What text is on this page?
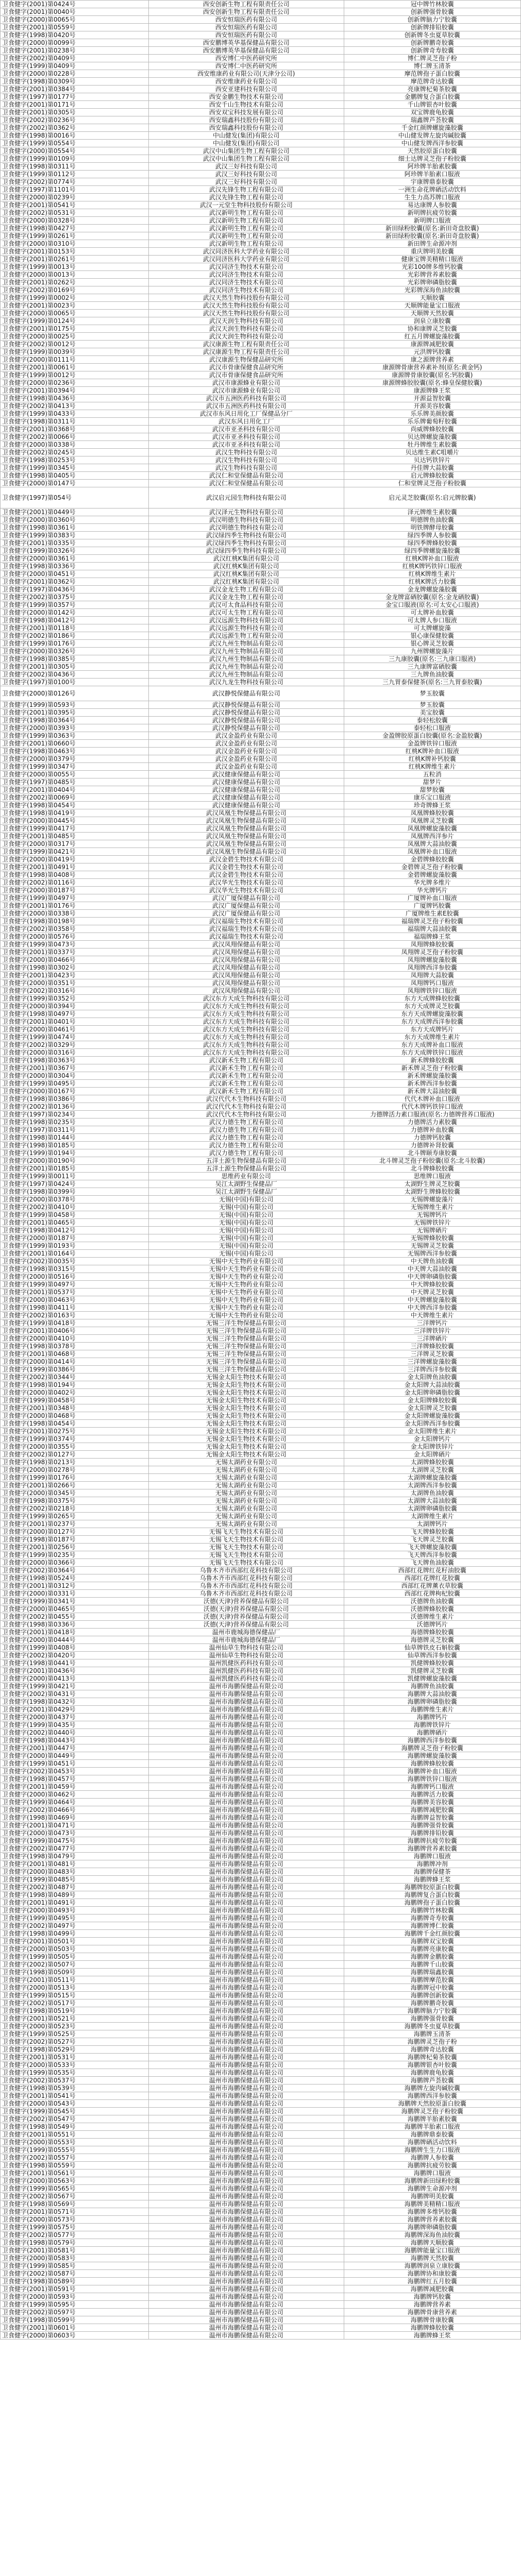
卫食健字(2001)第0424号	西安创新生物工程有限责任公司	冠中牌竹林胶囊
卫食健字(2001)第0040号	西安创新生物工程有限责任公司	创新牌强骨胶囊
卫食健字(2000)第0065号	西安恒瑞医药有限公司	创新牌脑力宁胶囊
卫食健字(2001)第0559号	西安恒瑞医药有限公司	创新牌排铅胶囊
卫食健字(1998)第0420号	西安恒瑞医药有限公司	创新牌冬虫夏草胶囊
卫食健字(2000)第0099号	西安鹏博英华基保健品有限公司	创新牌鹏奇胶囊
卫食健字(2001)第0238号	西安鹏博英华基保健品有限公司	创新牌奇寿胶囊
卫食健字(2002)第0409号	西安博仁中医药研究所	博仁牌灵芝孢子粉
卫食健字(1999)第0409号	西安博仁中医药研究所	博仁牌玉清茶
卫食健字(2000)第0228号	西安维康药业有限公司(天津分公司)	摩范牌孢子蛋白胶囊
卫食健字(1998)第0309号	西安维康药业有限公司	摩范牌奇达胶囊
卫食健字(2001)第0384号	西安亚建科技有限公司	亮康牌杞菊茶胶囊
卫食健字(1997)第0177号	西安金鹏生物技术有限公司	金鹏牌复合蛋白胶囊
卫食健字(2001)第0171号	西安千山生物技术有限公司	千山牌银杏叶胶囊
卫食健字(2001)第0305号	西安双宝科技发展有限公司	双宝牌鹿龟胶囊
卫食健字(2002)第0236号	西安瑞鑫科技股份有限公司	瑞鑫牌芦荟胶囊
卫食健字(2002)第0362号	西安瑞鑫科技股份有限公司	千金红颜牌螺旋藻胶囊
卫食健字(1998)第0016号	中山健发(集团)有限公司	中山健发牌左旋肉碱胶囊
卫食健字(1999)第0554号	中山健发(集团)有限公司	中山健发牌西洋参胶囊
卫食健字(2000)第0554号	武汉中山集团生物工程有限公司	天然胶原蛋白胶囊
卫食健字(1999)第0109号	武汉中山集团生物工程有限公司	细士达牌灵芝孢子粉胶囊
卫食健字(1998)第0311号	武汉三好科技有限公司	阿珍牌羊胎素胶囊
卫食健字(1999)第0112号	武汉三好科技有限公司	阿珍牌羊胎素口服液
卫食健字(2002)第0774号	武汉三好科技有限公司	宇康牌鼎泰胶囊
卫食健字(1997)第1101号	武汉先锋生物工程有限公司	一洲生命花牌硒活动饮料
卫食健字(2000)第0239号	武汉先锋生物工程有限公司	生生力高苏牌口服液
卫食健字(2001)第0541号	武汉一元堂生物科技股份有限公司	易达康牌人参胶囊
卫食健字(2002)第0531号	武汉新明生物工程有限公司	新明牌抗疲劳胶囊
卫食健字(2000)第0328号	武汉新明生物工程有限公司	新明牌口服液
卫食健字(1998)第0427号	武汉新明生物工程有限公司	新田绿粉胶囊(原名:新田奇盘胶囊)
卫食健字(1999)第0261号	武汉新明生物工程有限公司	新田绿粉胶囊(原名:新田奇盘胶囊)
卫食健字(2000)第0310号	武汉新明生物工程有限公司	新田牌生命源冲剂
卫食健字(2001)第0153号	武汉同济医科大学药业有限公司	重庆牌明美胶囊
卫食健字(2001)第0261号	武汉同济医科大学药业有限公司	健康宝牌美精精口服液
卫食健字(1999)第0013号	武汉同济生物技术有限公司	光彩100牌多维钙胶囊
卫食健字(2000)第0013号	武汉同济生物技术有限公司	光彩牌营养素胶囊
卫食健字(2001)第0262号	武汉同济生物技术有限公司	光彩牌卵磷脂胶囊
卫食健字(2002)第0169号	武汉同济生物技术有限公司	光彩牌深海鱼油胶囊
卫食健字(1999)第0002号	武汉天然生物科技股份有限公司	天顺胶囊
卫食健字(2001)第0023号	武汉天然生物科技股份有限公司	天顺牌能量宝口服液
卫食健字(2000)第0065号	武汉天然生物科技股份有限公司	天顺牌天然胶囊
卫食健字(1999)第0124号	武汉天润生物科技有限公司	润泉立康胶囊
卫食健字(2001)第0175号	武汉天润生物科技有限公司	协和康牌灵芝胶囊
卫食健字(2000)第0025号	武汉天润生物科技有限公司	红五月牌螺旋藻胶囊
卫食健字(2002)第0012号	武汉康源生物工程有限责任公司	康源牌减肥胶囊
卫食健字(1999)第0039号	武汉康源生物工程有限责任公司	元洪牌钙胶囊
卫食健字(2000)第0111号	武汉康源生物保健品研究所	康之源牌营养素
卫食健字(2001)第0061号	武汉市骨康保健食品研究所	康源牌骨康营养素补剂(原名:黄金钙)
卫食健字(1999)第0012号	武汉市骨康保健食品研究所	康源牌骨康胶囊(原名:钙胶囊)
卫食健字(2000)第0236号	武汉市康源蜂业有限公司	康源牌蜂胶胶囊(原名:蜂皇保健胶囊)
卫食健字(2001)第0394号	武汉市康源蜂业有限公司	康源牌蜂王浆
卫食健字(1998)第0436号	武汉市五洲医药科技有限公司	开源益智胶囊
卫食健字(2002)第0413号	武汉市五洲医药科技有限公司	开源美容胶囊
卫食健字(1999)第0433号	武汉市东风日用化工厂保健品分厂	乐乐牌美颜胶囊
卫食健字(1998)第0311号	武汉东风日用化工厂	乐乐牌葡萄籽胶囊
卫食健字(2001)第0368号	武汉市亚圣科技有限公司	尚威牌蜂胶胶囊
卫食健字(2002)第0066号	武汉市亚圣科技有限公司	贝达牌螺旋藻胶囊
卫食健字(2000)第0338号	武汉市亚圣科技有限公司	牡丹牌维生素胶囊
卫食健字(2002)第0245号	武汉生物科技有限公司	贝达维生素C咀嚼片
卫食健字(1998)第0253号	武汉生物科技有限公司	贝达钙铁锌片
卫食健字(1999)第0345号	武汉生物科技有限公司	丹佳牌大蒜胶囊
卫食健字(1998)第0405号	武汉仁和堂保健品有限公司	启元牌蜂胶胶囊
卫食健字(2000)第0147号	武汉仁和堂保健品有限公司	仁和堂牌灵芝孢子粉胶囊
卫食健字(1997)第054号	武汉启元园生物科技有限公司	启元灵芝胶囊(原名:启元牌胶囊)
卫食健字(2001)第0449号	武汉泽元生物科技有限公司	泽元牌维生素胶囊
卫食健字(2000)第0360号	武汉明德生物科技有限公司	明德牌鱼油胶囊
卫食健字(1998)第0361号	武汉明德生物科技有限公司	明铁牌酵母胶囊
卫食健字(1999)第0383号	武汉绿四季生物科技有限公司	绿四季牌人参胶囊
卫食健字(2001)第0335号	武汉绿四季生物科技有限公司	绿四季牌蜂胶胶囊
卫食健字(1999)第0326号	武汉绿四季生物科技有限公司	绿四季牌螺旋藻胶囊
卫食健字(2000)第0361号	武汉红桃K集团有限公司	红桃K牌补血口服液
卫食健字(1998)第0336号	武汉红桃K集团有限公司	红桃K牌钙铁锌口服液
卫食健字(2000)第0451号	武汉红桃K集团有限公司	红桃K牌维生素片
卫食健字(2001)第0362号	武汉红桃K集团有限公司	红桃K牌活力胶囊
卫食健字(1997)第0436号	武汉金龙生物工程有限公司	金龙牌螺旋藻胶囊
卫食健字(2002)第0375号	武汉金龙生物工程有限公司	金龙牌富硒胶囊(原名:金龙硒胶囊)
卫食健字(1999)第0357号	武汉可太食品科技有限公司	金宝口服液(原名:可太安心口服液)
卫食健字(2000)第0142号	武汉可太生物工程有限公司	可太牌补血胶囊
卫食健字(1998)第0412号	武汉远源生物科技有限公司	可太牌人参口服液
卫食健字(2001)第0118号	武汉远源生物科技有限公司	可太牌螺旋藻
卫食健字(2002)第0186号	武汉远源生物工程有限公司	银心康保健胶囊
卫食健字(1999)第0176号	武汉九州生物制品有限公司	银心牌灵芝胶囊
卫食健字(2000)第0326号	武汉九州生物制品有限公司	九州牌螺旋藻片
卫食健字(1998)第0385号	武汉九州生物制品有限公司	三九康胶囊(原名:三九康口服液)
卫食健字(2001)第0305号	武汉九州生物制品有限公司	三九康牌富硒胶囊
卫食健字(2002)第0436号	武汉九州生物制品有限公司	三九牌鱼油胶囊
卫食健字(1997)第0100号	武汉九龙生物科技有限公司	三九胃泰保健茶(原名:三九胃泰胶囊)
卫食健字(2000)第0126号	武汉静悦保健品有限公司	梦玉胶囊
卫食健字(1999)第0593号	武汉静悦保健品有限公司	梦玉胶囊
卫食健字(2001)第0395号	武汉静悦保健品有限公司	美宝胶囊
卫食健字(1998)第0364号	武汉静悦保健品有限公司	泰轻松胶囊
卫食健字(2000)第0393号	武汉静悦保健品有限公司	泰轻松口服液
卫食健字(1999)第0363号	武汉金盈药业有限公司	金盈牌胶原蛋白胶囊(原名:金盈胶囊)
卫食健字(2001)第0660号	武汉金盈药业有限公司	金盈牌铁锌口服液
卫食健字(1998)第0463号	武汉金盈药业有限公司	红桃K牌补血口服液
卫食健字(2000)第0379号	武汉金盈药业有限公司	红桃K牌补钙胶囊
卫食健字(1999)第0347号	武汉金盈药业有限公司	红桃K牌维生素片
卫食健字(2000)第0055号	武汉健康保健品有限公司	五粒消
卫食健字(1997)第0485号	武汉健康保健品有限公司	甜梦片
卫食健字(2001)第0404号	武汉健康保健品有限公司	甜梦胶囊
卫食健字(2002)第0069号	武汉健康保健品有限公司	康乐宝口服液
卫食健字(1998)第0454号	武汉健康保健品有限公司	珍奇牌蜂王浆
卫食健字(1998)第0419号	武汉凤凰生物保健品有限公司	凤凰牌蜂胶胶囊
卫食健字(2000)第0445号	武汉凤凰生物保健品有限公司	凤凰牌灵芝胶囊
卫食健字(1999)第0417号	武汉凤凰生物保健品有限公司	凤凰牌螺旋藻胶囊
卫食健字(2001)第0485号	武汉凤凰生物保健品有限公司	凤凰牌西洋参片
卫食健字(2000)第0317号	武汉凤凰生物保健品有限公司	凤凰牌大蒜油胶囊
卫食健字(1999)第0421号	武汉凤凰生物保健品有限公司	凤凰牌补血口服液
卫食健字(2000)第0419号	武汉金碧生物技术有限公司	金碧牌蜂胶胶囊
卫食健字(2001)第0491号	武汉金碧生物技术有限公司	金碧牌灵芝孢子粉胶囊
卫食健字(1998)第0408号	武汉金碧生物技术有限公司	金碧牌螺旋藻胶囊
卫食健字(2002)第0116号	武汉华光生物技术有限公司	华光牌多维片
卫食健字(2000)第0187号	武汉华光生物技术有限公司	华光牌钙片
卫食健字(1999)第0497号	武汉广厦保健品有限公司	广厦牌补血口服液
卫食健字(2001)第0176号	武汉广厦保健品有限公司	广厦牌钙胶囊
卫食健字(2000)第0338号	武汉广厦保健品有限公司	广厦牌维生素E胶囊
卫食健字(1998)第0198号	武汉福瑞生物技术有限公司	福瑞牌灵芝孢子粉胶囊
卫食健字(2002)第0358号	武汉福瑞生物技术有限公司	福瑞牌大蒜油胶囊
卫食健字(2000)第0576号	武汉福瑞生物技术有限公司	福瑞牌蜂王浆
卫食健字(1999)第0473号	武汉凤翔保健品有限公司	凤翔牌蜂胶胶囊
卫食健字(2001)第0337号	武汉凤翔保健品有限公司	凤翔牌灵芝孢子粉胶囊
卫食健字(2000)第0466号	武汉凤翔保健品有限公司	凤翔牌螺旋藻胶囊
卫食健字(1998)第0302号	武汉凤翔保健品有限公司	凤翔牌西洋参胶囊
卫食健字(2001)第0423号	武汉凤翔保健品有限公司	凤翔牌大蒜胶囊
卫食健字(2000)第0351号	武汉凤翔保健品有限公司	凤翔牌钙口服液
卫食健字(2002)第0316号	武汉凤翔保健品有限公司	凤翔牌铁锌口服液
卫食健字(1999)第0352号	武汉东方天成生物科技有限公司	东方天成牌蜂胶胶囊
卫食健字(2000)第0394号	武汉东方天成生物科技有限公司	东方天成牌灵芝胶囊
卫食健字(1998)第0497号	武汉东方天成生物科技有限公司	东方天成牌螺旋藻胶囊
卫食健字(2001)第0401号	武汉东方天成生物科技有限公司	东方天成牌西洋参胶囊
卫食健字(2000)第0461号	武汉东方天成生物科技有限公司	东方天成牌钙片
卫食健字(1999)第0474号	武汉东方天成生物科技有限公司	东方天成牌维生素片
卫食健字(2002)第0329号	武汉东方天成生物科技有限公司	东方天成牌补血口服液
卫食健字(2000)第0316号	武汉东方天成生物科技有限公司	东方天成牌铁锌口服液
卫食健字(1998)第0363号	武汉新禾生物工程有限公司	新禾牌蜂胶胶囊
卫食健字(2001)第0367号	武汉新禾生物工程有限公司	新禾牌灵芝孢子粉胶囊
卫食健字(2000)第0304号	武汉新禾生物工程有限公司	新禾牌螺旋藻胶囊
卫食健字(1999)第0495号	武汉新禾生物工程有限公司	新禾牌西洋参胶囊
卫食健字(2000)第0167号	武汉新禾生物工程有限公司	新禾牌大蒜油胶囊
卫食健字(1998)第0386号	武汉代代木生物科技有限公司	代代木牌补血口服液
卫食健字(2002)第0136号	武汉代代木生物科技有限公司	代代木牌钙铁锌口服液
卫食健字(1997)第0234号	武汉代代木生物科技有限公司	力德牌活力素口服液(原名:力德牌营养口服液)
卫食健字(1998)第0235号	武汉力德生物工程有限公司	力德牌活力素胶囊
卫食健字(1997)第0311号	武汉力德生物工程有限公司	力德牌补血胶囊
卫食健字(1998)第0144号	武汉力德生物工程有限公司	力德牌钙胶囊
卫食健字(1998)第0185号	武汉力德生物工程有限公司	力德牌补肾胶囊
卫食健字(1999)第0194号	武汉力德生物工程有限公司	北斗牌颐寿康胶囊
卫食健字(2000)第0190号	五洋土源生物保健品有限公司	北斗牌灵芝孢子粉胶囊(原名:北斗胶囊)
卫食健字(2001)第0185号	五洋土源生物保健品有限公司	北斗牌蜂胶胶囊
卫食健字(1999)第0011号	思维药业有限公司	思维牌口服液
卫食健字(1997)第0424号	吴江太湖野生保健品厂	太湖野生牌灵芝胶囊
卫食健字(1998)第0399号	吴江太湖野生保健品厂	太湖野生牌蜂胶胶囊
卫食健字(2000)第0378号	无锡(中国)有限公司	无锡牌螺旋藻片
卫食健字(2002)第0410号	无锡(中国)有限公司	无锡牌维生素片
卫食健字(1999)第0458号	无锡(中国)有限公司	无锡牌钙片
卫食健字(2001)第0465号	无锡(中国)有限公司	无锡牌铁锌片
卫食健字(1998)第0412号	无锡(中国)有限公司	无锡牌硒片
卫食健字(2000)第0187号	无锡(中国)有限公司	无锡牌蜂胶胶囊
卫食健字(1999)第0193号	无锡(中国)有限公司	无锡牌灵芝胶囊
卫食健字(2001)第0164号	无锡(中国)有限公司	无锡牌西洋参胶囊
卫食健字(2002)第0035号	无锡中天生物药业有限公司	中天牌鱼油胶囊
卫食健字(1998)第0315号	无锡中天生物药业有限公司	中天牌大蒜油胶囊
卫食健字(2000)第0516号	无锡中天生物药业有限公司	中天牌卵磷脂胶囊
卫食健字(1999)第0497号	无锡中天生物药业有限公司	中天牌蜂胶胶囊
卫食健字(2001)第0537号	无锡中天生物药业有限公司	中天牌灵芝胶囊
卫食健字(2000)第0463号	无锡中天生物药业有限公司	中天牌螺旋藻胶囊
卫食健字(1998)第0411号	无锡中天生物药业有限公司	中天牌西洋参胶囊
卫食健字(2002)第0163号	无锡中天生物药业有限公司	中天牌维生素片
卫食健字(1999)第0418号	无锡三洋生物保健品有限公司	三洋牌钙片
卫食健字(2001)第0406号	无锡三洋生物保健品有限公司	三洋牌铁锌片
卫食健字(2000)第0410号	无锡三洋生物保健品有限公司	三洋牌硒片
卫食健字(1998)第0378号	无锡三洋生物保健品有限公司	三洋牌蜂胶胶囊
卫食健字(2001)第0468号	无锡三洋生物保健品有限公司	三洋牌灵芝胶囊
卫食健字(2000)第0414号	无锡三洋生物保健品有限公司	三洋牌螺旋藻胶囊
卫食健字(1999)第0386号	无锡三洋生物保健品有限公司	三洋牌西洋参胶囊
卫食健字(2002)第0344号	无锡金太阳生物技术有限公司	金太阳牌鱼油胶囊
卫食健字(1998)第0194号	无锡金太阳生物技术有限公司	金太阳牌大蒜油胶囊
卫食健字(2000)第0402号	无锡金太阳生物技术有限公司	金太阳牌卵磷脂胶囊
卫食健字(1999)第0458号	无锡金太阳生物技术有限公司	金太阳牌蜂胶胶囊
卫食健字(2001)第0348号	无锡金太阳生物技术有限公司	金太阳牌灵芝胶囊
卫食健字(2000)第0468号	无锡金太阳生物技术有限公司	金太阳牌螺旋藻胶囊
卫食健字(1998)第0454号	无锡金太阳生物技术有限公司	金太阳牌西洋参胶囊
卫食健字(2001)第0275号	无锡金太阳生物技术有限公司	金太阳牌维生素片
卫食健字(1999)第0374号	无锡金太阳生物技术有限公司	金太阳牌钙片
卫食健字(2000)第0355号	无锡金太阳生物技术有限公司	金太阳牌铁锌片
卫食健字(2002)第0127号	无锡金太阳生物技术有限公司	金太阳牌硒片
卫食健字(1998)第0213号	无锡太湖药业有限公司	太湖牌蜂胶胶囊
卫食健字(2000)第0278号	无锡太湖药业有限公司	太湖牌灵芝胶囊
卫食健字(1999)第0176号	无锡太湖药业有限公司	太湖牌螺旋藻胶囊
卫食健字(2001)第0266号	无锡太湖药业有限公司	太湖牌西洋参胶囊
卫食健字(2000)第0345号	无锡太湖药业有限公司	太湖牌鱼油胶囊
卫食健字(1998)第0375号	无锡太湖药业有限公司	太湖牌大蒜油胶囊
卫食健字(2002)第0218号	无锡太湖药业有限公司	太湖牌卵磷脂胶囊
卫食健字(1999)第0265号	无锡太湖药业有限公司	太湖牌维生素片
卫食健字(2001)第0237号	无锡太湖药业有限公司	太湖牌钙片
卫食健字(2000)第0127号	无锡飞天生物技术有限公司	飞天牌蜂胶胶囊
卫食健字(1998)第0187号	无锡飞天生物技术有限公司	飞天牌灵芝胶囊
卫食健字(2001)第0256号	无锡飞天生物技术有限公司	飞天牌螺旋藻胶囊
卫食健字(1999)第0235号	无锡飞天生物技术有限公司	飞天牌西洋参胶囊
卫食健字(2000)第0366号	无锡飞天生物技术有限公司	飞天牌鱼油胶囊
卫食健字(2002)第0364号	乌鲁木齐市西部红花科技有限公司	西部红花牌红花籽油胶囊
卫食健字(1998)第0524号	乌鲁木齐市西部红花科技有限公司	西部红花牌红花胶囊
卫食健字(2001)第0312号	乌鲁木齐市西部红花科技有限公司	西部红花牌薰衣草胶囊
卫食健字(2000)第0331号	乌鲁木齐市西部红花科技有限公司	西部红花牌枸杞胶囊
卫食健字(1999)第0341号	沃德(天津)营养保健品有限公司	沃德牌鱼油胶囊
卫食健字(2000)第0465号	沃德(天津)营养保健品有限公司	沃德牌蜂胶胶囊
卫食健字(2002)第0455号	沃德(天津)营养保健品有限公司	沃德牌维生素片
卫食健字(1998)第0336号	沃德(天津)营养保健品有限公司	沃德牌钙片
卫食健字(2001)第0418号	温州市鹿城海德保健品厂	海德牌蜂胶胶囊
卫食健字(2000)第0444号	温州市鹿城海德保健品厂	海德牌灵芝胶囊
卫食健字(1999)第0408号	温州仙草生物科技有限公司	仙草牌铁皮石斛胶囊
卫食健字(2002)第0420号	温州仙草生物科技有限公司	仙草牌西洋参胶囊
卫食健字(1998)第0441号	温州凯健医药科技有限公司	凯健牌蜂胶胶囊
卫食健字(2001)第0436号	温州凯健医药科技有限公司	凯健牌灵芝胶囊
卫食健字(2000)第0413号	温州凯健医药科技有限公司	凯健牌螺旋藻胶囊
卫食健字(1999)第0421号	温州市海鹏保健品有限公司	海鹏牌鱼油胶囊
卫食健字(2002)第0431号	温州市海鹏保健品有限公司	海鹏牌大蒜油胶囊
卫食健字(1998)第0432号	温州市海鹏保健品有限公司	海鹏牌卵磷脂胶囊
卫食健字(2001)第0429号	温州市海鹏保健品有限公司	海鹏牌维生素片
卫食健字(2000)第0437号	温州市海鹏保健品有限公司	海鹏牌钙片
卫食健字(1999)第0435号	温州市海鹏保健品有限公司	海鹏牌铁锌片
卫食健字(2002)第0440号	温州市海鹏保健品有限公司	海鹏牌硒片
卫食健字(1998)第0443号	温州市海鹏保健品有限公司	海鹏牌西洋参胶囊
卫食健字(2001)第0447号	温州市海鹏保健品有限公司	海鹏牌灵芝孢子粉胶囊
卫食健字(2000)第0449号	温州市海鹏保健品有限公司	海鹏牌螺旋藻胶囊
卫食健字(1999)第0451号	温州市海鹏保健品有限公司	海鹏牌蜂胶胶囊
卫食健字(2002)第0453号	温州市海鹏保健品有限公司	海鹏牌补血口服液
卫食健字(1998)第0457号	温州市海鹏保健品有限公司	海鹏牌铁锌口服液
卫食健字(2001)第0459号	温州市海鹏保健品有限公司	海鹏牌钙口服液
卫食健字(2000)第0462号	温州市海鹏保健品有限公司	海鹏牌活力胶囊
卫食健字(1999)第0464号	温州市海鹏保健品有限公司	海鹏牌美容胶囊
卫食健字(2002)第0466号	温州市海鹏保健品有限公司	海鹏牌减肥胶囊
卫食健字(1998)第0469号	温州市海鹏保健品有限公司	海鹏牌益智胶囊
卫食健字(2001)第0471号	温州市海鹏保健品有限公司	海鹏牌强骨胶囊
卫食健字(2000)第0473号	温州市海鹏保健品有限公司	海鹏牌排铅胶囊
卫食健字(1999)第0475号	温州市海鹏保健品有限公司	海鹏牌抗疲劳胶囊
卫食健字(2002)第0477号	温州市海鹏保健品有限公司	海鹏牌营养素胶囊
卫食健字(1998)第0479号	温州市海鹏保健品有限公司	海鹏牌口服液
卫食健字(2001)第0481号	温州市海鹏保健品有限公司	海鹏牌冲剂
卫食健字(2000)第0483号	温州市海鹏保健品有限公司	海鹏牌保健茶
卫食健字(1999)第0485号	温州市海鹏保健品有限公司	海鹏牌蜂王浆
卫食健字(2002)第0487号	温州市海鹏保健品有限公司	海鹏牌胶原蛋白胶囊
卫食健字(1998)第0489号	温州市海鹏保健品有限公司	海鹏牌复合蛋白胶囊
卫食健字(2001)第0491号	温州市海鹏保健品有限公司	海鹏牌孢子蛋白胶囊
卫食健字(2000)第0493号	温州市海鹏保健品有限公司	海鹏牌竹林胶囊
卫食健字(1999)第0495号	温州市海鹏保健品有限公司	海鹏牌奇寿胶囊
卫食健字(2002)第0497号	温州市海鹏保健品有限公司	海鹏牌博仁胶囊
卫食健字(1998)第0499号	温州市海鹏保健品有限公司	海鹏牌千金红颜胶囊
卫食健字(2001)第0501号	温州市海鹏保健品有限公司	海鹏牌双宝胶囊
卫食健字(2000)第0503号	温州市海鹏保健品有限公司	海鹏牌亮康胶囊
卫食健字(1999)第0505号	温州市海鹏保健品有限公司	海鹏牌金鹏胶囊
卫食健字(2002)第0507号	温州市海鹏保健品有限公司	海鹏牌千山胶囊
卫食健字(1998)第0509号	温州市海鹏保健品有限公司	海鹏牌瑞鑫胶囊
卫食健字(2001)第0511号	温州市海鹏保健品有限公司	海鹏牌摩范胶囊
卫食健字(2000)第0513号	温州市海鹏保健品有限公司	海鹏牌冠中胶囊
卫食健字(1999)第0515号	温州市海鹏保健品有限公司	海鹏牌创新胶囊
卫食健字(2002)第0517号	温州市海鹏保健品有限公司	海鹏牌鹏奇胶囊
卫食健字(1998)第0519号	温州市海鹏保健品有限公司	海鹏牌脑力宁胶囊
卫食健字(2001)第0521号	温州市海鹏保健品有限公司	海鹏牌强骨胶囊
卫食健字(2000)第0523号	温州市海鹏保健品有限公司	海鹏牌冬虫夏草胶囊
卫食健字(1999)第0525号	温州市海鹏保健品有限公司	海鹏牌玉清茶
卫食健字(2002)第0527号	温州市海鹏保健品有限公司	海鹏牌灵芝孢子粉
卫食健字(1998)第0529号	温州市海鹏保健品有限公司	海鹏牌奇达胶囊
卫食健字(2001)第0531号	温州市海鹏保健品有限公司	海鹏牌杞菊茶胶囊
卫食健字(2000)第0533号	温州市海鹏保健品有限公司	海鹏牌银杏叶胶囊
卫食健字(1999)第0535号	温州市海鹏保健品有限公司	海鹏牌鹿龟胶囊
卫食健字(2002)第0537号	温州市海鹏保健品有限公司	海鹏牌芦荟胶囊
卫食健字(1998)第0539号	温州市海鹏保健品有限公司	海鹏牌左旋肉碱胶囊
卫食健字(2001)第0541号	温州市海鹏保健品有限公司	海鹏牌西洋参胶囊
卫食健字(2000)第0543号	温州市海鹏保健品有限公司	海鹏牌天然胶原蛋白胶囊
卫食健字(1999)第0545号	温州市海鹏保健品有限公司	海鹏牌灵芝孢子粉胶囊
卫食健字(2002)第0547号	温州市海鹏保健品有限公司	海鹏牌羊胎素胶囊
卫食健字(1998)第0549号	温州市海鹏保健品有限公司	海鹏牌羊胎素口服液
卫食健字(2001)第0551号	温州市海鹏保健品有限公司	海鹏牌鼎泰胶囊
卫食健字(2000)第0553号	温州市海鹏保健品有限公司	海鹏牌硒活动饮料
卫食健字(1999)第0555号	温州市海鹏保健品有限公司	海鹏牌生生力口服液
卫食健字(2002)第0557号	温州市海鹏保健品有限公司	海鹏牌人参胶囊
卫食健字(1998)第0559号	温州市海鹏保健品有限公司	海鹏牌抗疲劳胶囊
卫食健字(2001)第0561号	温州市海鹏保健品有限公司	海鹏牌口服液
卫食健字(2000)第0563号	温州市海鹏保健品有限公司	海鹏牌新田绿粉胶囊
卫食健字(1999)第0565号	温州市海鹏保健品有限公司	海鹏牌生命源冲剂
卫食健字(2002)第0567号	温州市海鹏保健品有限公司	海鹏牌明美胶囊
卫食健字(1998)第0569号	温州市海鹏保健品有限公司	海鹏牌美精精口服液
卫食健字(2001)第0571号	温州市海鹏保健品有限公司	海鹏牌多维钙胶囊
卫食健字(2000)第0573号	温州市海鹏保健品有限公司	海鹏牌营养素胶囊
卫食健字(1999)第0575号	温州市海鹏保健品有限公司	海鹏牌卵磷脂胶囊
卫食健字(2002)第0577号	温州市海鹏保健品有限公司	海鹏牌深海鱼油胶囊
卫食健字(1998)第0579号	温州市海鹏保健品有限公司	海鹏牌天顺胶囊
卫食健字(2001)第0581号	温州市海鹏保健品有限公司	海鹏牌能量宝口服液
卫食健字(2000)第0583号	温州市海鹏保健品有限公司	海鹏牌天然胶囊
卫食健字(1999)第0585号	温州市海鹏保健品有限公司	海鹏牌润泉立康胶囊
卫食健字(2002)第0587号	温州市海鹏保健品有限公司	海鹏牌协和康胶囊
卫食健字(1998)第0589号	温州市海鹏保健品有限公司	海鹏牌红五月胶囊
卫食健字(2001)第0591号	温州市海鹏保健品有限公司	海鹏牌减肥胶囊
卫食健字(2000)第0593号	温州市海鹏保健品有限公司	海鹏牌钙胶囊
卫食健字(1999)第0595号	温州市海鹏保健品有限公司	海鹏牌营养素
卫食健字(2002)第0597号	温州市海鹏保健品有限公司	海鹏牌骨康营养素
卫食健字(1998)第0599号	温州市海鹏保健品有限公司	海鹏牌骨康胶囊
卫食健字(2001)第0601号	温州市海鹏保健品有限公司	海鹏牌蜂胶胶囊
卫食健字(2000)第0603号	温州市海鹏保健品有限公司	海鹏牌蜂王浆
